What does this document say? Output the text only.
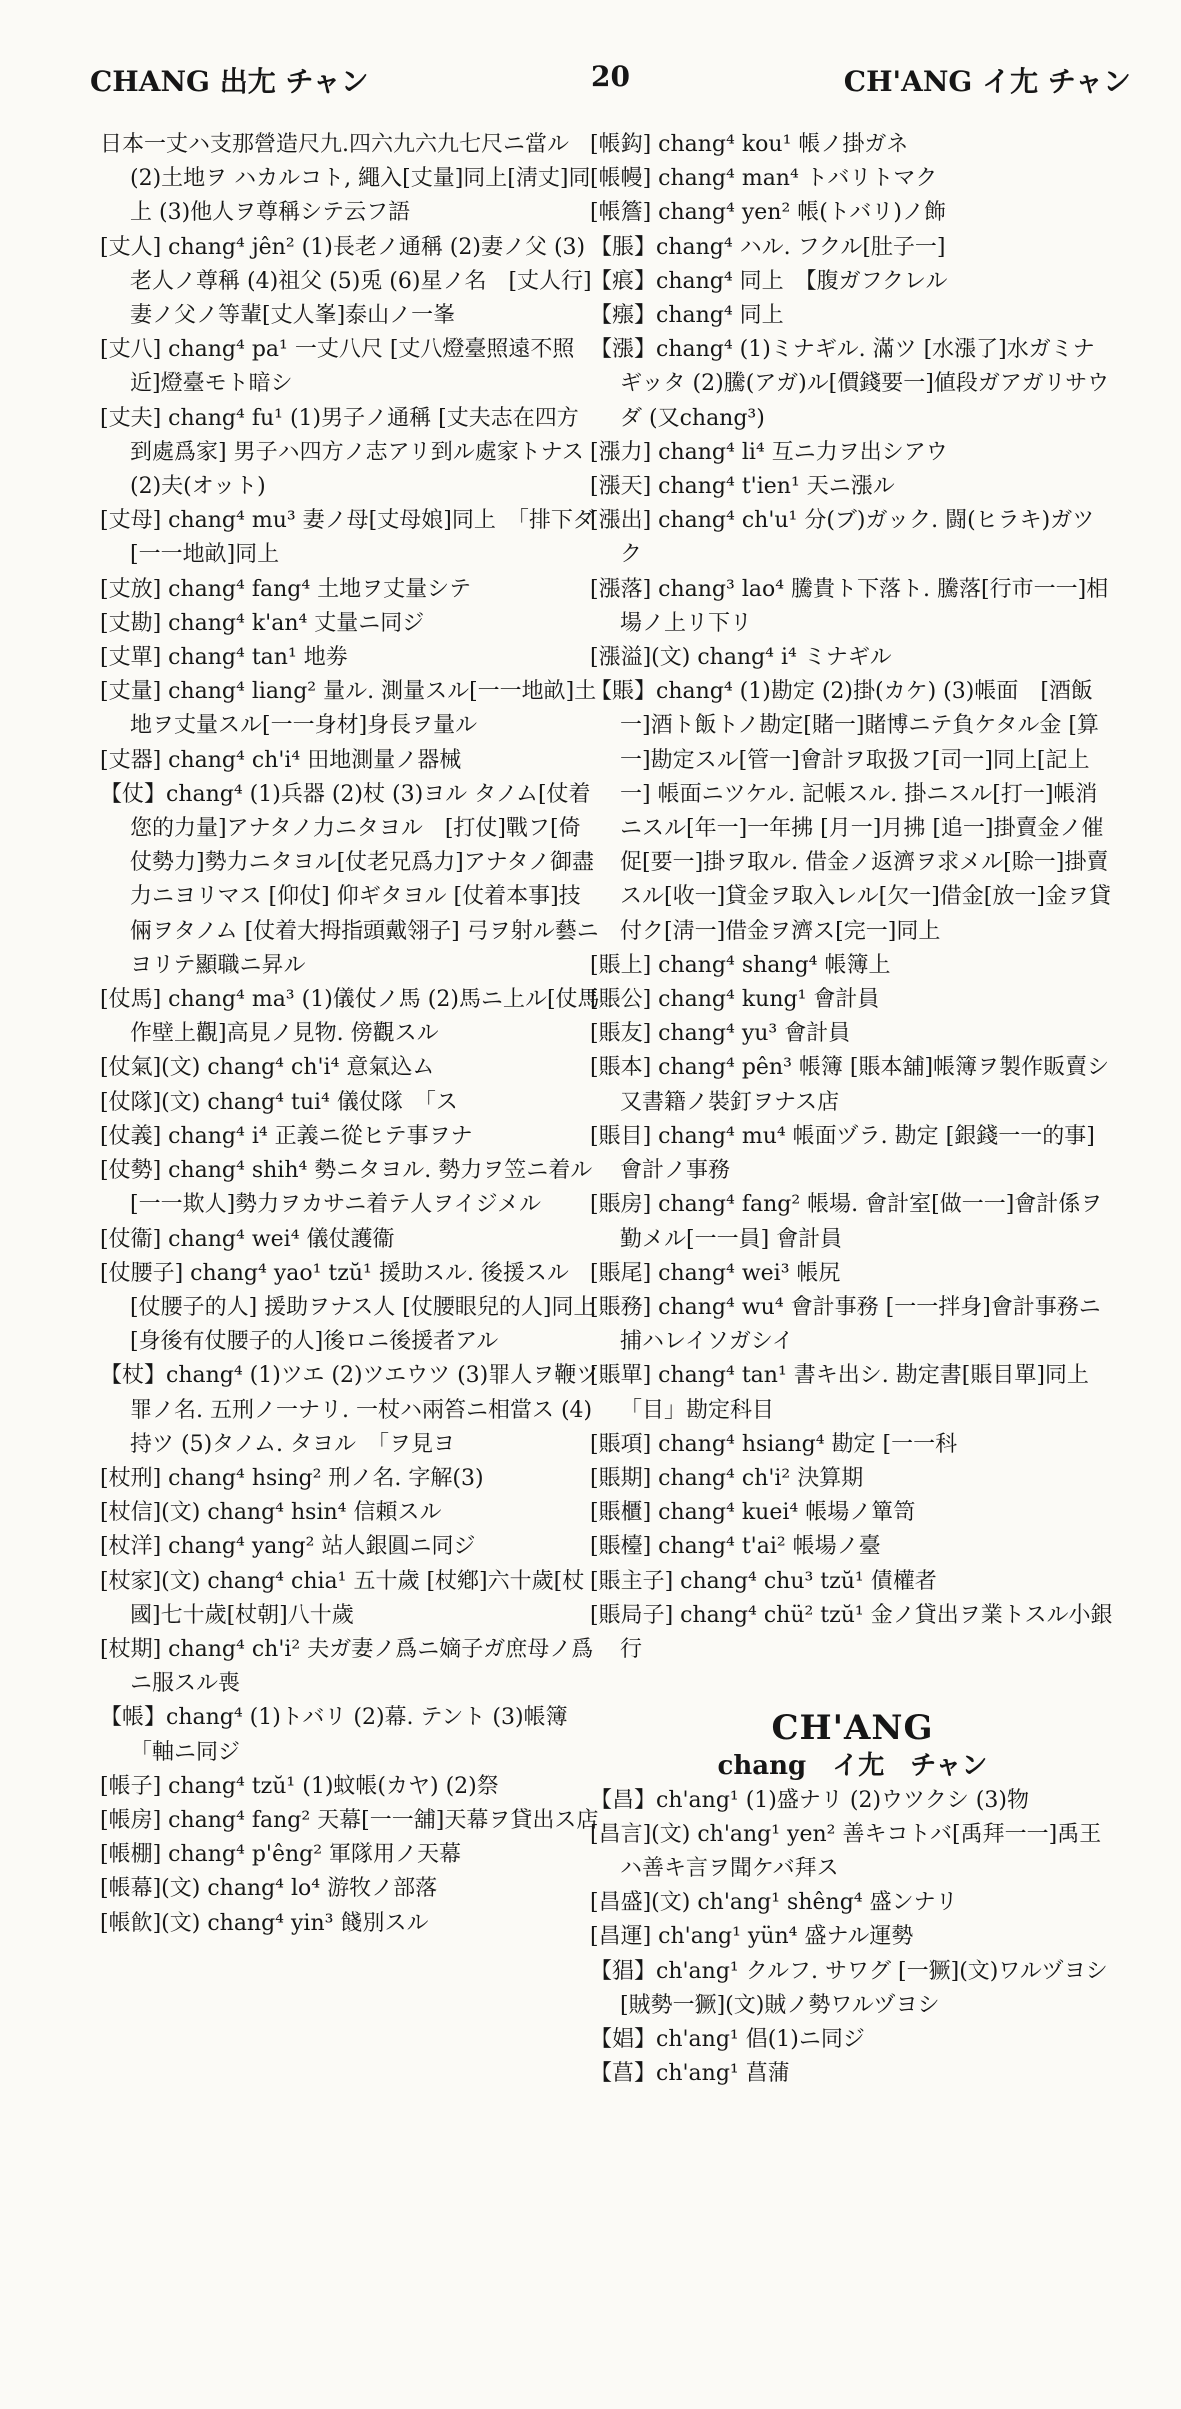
CHANG 出尢 チャン	20	CH'ANG イ尢 チャン

日本一丈ハ支那營造尺九.四六九六九七尺ニ當ル (2)土地ヲ ハカルコト, 繩入[丈量]同上[淸丈]同上 (3)他人ヲ尊稱シテ云フ語

[丈人] chang⁴ jên² (1)長老ノ通稱 (2)妻ノ父 (3)老人ノ尊稱 (4)祖父 (5)兎 (6)星ノ名　[丈人行] 妻ノ父ノ等輩[丈人峯]泰山ノ一峯

[丈八] chang⁴ pa¹ 一丈八尺 [丈八燈臺照遠不照近]燈臺モト暗シ

[丈夫] chang⁴ fu¹ (1)男子ノ通稱 [丈夫志在四方到處爲家] 男子ハ四方ノ志アリ到ル處家トナス (2)夫(オット)

[丈母] chang⁴ mu³ 妻ノ母[丈母娘]同上　「排下ダ[一一地畝]同上

[丈放] chang⁴ fang⁴ 土地ヲ丈量シテ

[丈勘] chang⁴ k'an⁴ 丈量ニ同ジ

[丈單] chang⁴ tan¹ 地劵

[丈量] chang⁴ liang² 量ル. 測量スル[一一地畝]土地ヲ丈量スル[一一身材]身長ヲ量ル

[丈器] chang⁴ ch'i⁴ 田地測量ノ器械

【仗】chang⁴ (1)兵器 (2)杖 (3)ヨル タノム[仗着您的力量]アナタノ力ニタヨル　[打仗]戰フ[倚仗勢力]勢力ニタヨル[仗老兄爲力]アナタノ御盡力ニヨリマス [仰仗] 仰ギタヨル [仗着本事]技倆ヲタノム [仗着大拇指頭戴翎子] 弓ヲ射ル藝ニヨリテ顯職ニ昇ル

[仗馬] chang⁴ ma³ (1)儀仗ノ馬 (2)馬ニ上ル[仗馬作壁上觀]高見ノ見物. 傍觀スル

[仗氣](文) chang⁴ ch'i⁴ 意氣込ム

[仗隊](文) chang⁴ tui⁴ 儀仗隊　「ス

[仗義] chang⁴ i⁴ 正義ニ從ヒテ事ヲナ

[仗勢] chang⁴ shih⁴ 勢ニタヨル. 勢力ヲ笠ニ着ル[一一欺人]勢力ヲカサニ着テ人ヲイジメル

[仗衞] chang⁴ wei⁴ 儀仗護衞

[仗腰子] chang⁴ yao¹ tzŭ¹ 援助スル. 後援スル [仗腰子的人] 援助ヲナス人 [仗腰眼兒的人]同上 [身後有仗腰子的人]後ロニ後援者アル

【杖】chang⁴ (1)ツエ (2)ツエウツ (3)罪人ヲ鞭ツ罪ノ名. 五刑ノ一ナリ. 一杖ハ兩笞ニ相當ス (4)持ツ (5)タノム. タヨル　「ヲ見ヨ

[杖刑] chang⁴ hsing² 刑ノ名. 字解(3)

[杖信](文) chang⁴ hsin⁴ 信頼スル

[杖洋] chang⁴ yang² 站人銀圓ニ同ジ

[杖家](文) chang⁴ chia¹ 五十歲 [杖鄕]六十歲[杖國]七十歲[杖朝]八十歲

[杖期] chang⁴ ch'i² 夫ガ妻ノ爲ニ嫡子ガ庶母ノ爲ニ服スル喪

【帳】chang⁴ (1)トバリ (2)幕. テント (3)帳簿　「軸ニ同ジ

[帳子] chang⁴ tzŭ¹ (1)蚊帳(カヤ) (2)祭

[帳房] chang⁴ fang² 天幕[一一舖]天幕ヲ貸出ス店

[帳棚] chang⁴ p'êng² 軍隊用ノ天幕

[帳幕](文) chang⁴ lo⁴ 游牧ノ部落

[帳飮](文) chang⁴ yin³ 餞別スル

[帳鈎] chang⁴ kou¹ 帳ノ掛ガネ

[帳幔] chang⁴ man⁴ トバリトマク

[帳簷] chang⁴ yen² 帳(トバリ)ノ飾

【脹】chang⁴ ハル. フクル[肚子一]

【痮】chang⁴ 同上　【腹ガフクレル

【瘬】chang⁴ 同上

【漲】chang⁴ (1)ミナギル. 滿ツ [水漲了]水ガミナギッタ (2)騰(アガ)ル[價錢要一]値段ガアガリサウダ (又chang³)

[漲力] chang⁴ li⁴ 互ニ力ヲ出シアウ

[漲天] chang⁴ t'ien¹ 天ニ漲ル

[漲出] chang⁴ ch'u¹ 分(ブ)ガック. 闘(ヒラキ)ガツク

[漲落] chang³ lao⁴ 騰貴ト下落ト. 騰落[行市一一]相場ノ上リ下リ

[漲溢](文) chang⁴ i⁴ ミナギル

【賬】chang⁴ (1)勘定 (2)掛(カケ) (3)帳面　[酒飯一]酒ト飯トノ勘定[賭一]賭博ニテ負ケタル金 [算一]勘定スル[管一]會計ヲ取扱フ[司一]同上[記上一] 帳面ニツケル. 記帳スル. 掛ニスル[打一]帳消ニスル[年一]一年拂 [月一]月拂 [追一]掛賣金ノ催促[要一]掛ヲ取ル. 借金ノ返濟ヲ求メル[賒一]掛賣スル[收一]貸金ヲ取入レル[欠一]借金[放一]金ヲ貸付ク[淸一]借金ヲ濟ス[完一]同上

[賬上] chang⁴ shang⁴ 帳簿上

[賬公] chang⁴ kung¹ 會計員

[賬友] chang⁴ yu³ 會計員

[賬本] chang⁴ pên³ 帳簿 [賬本舖]帳簿ヲ製作販賣シ又書籍ノ裝釘ヲナス店

[賬目] chang⁴ mu⁴ 帳面ヅラ. 勘定 [銀錢一一的事]會計ノ事務

[賬房] chang⁴ fang² 帳場. 會計室[做一一]會計係ヲ勤メル[一一員] 會計員

[賬尾] chang⁴ wei³ 帳尻

[賬務] chang⁴ wu⁴ 會計事務 [一一拌身]會計事務ニ捕ハレイソガシイ

[賬單] chang⁴ tan¹ 書キ出シ. 勘定書[賬目單]同上　「目」勘定科目

[賬項] chang⁴ hsiang⁴ 勘定 [一一科

[賬期] chang⁴ ch'i² 決算期

[賬櫃] chang⁴ kuei⁴ 帳場ノ簞笥

[賬檯] chang⁴ t'ai² 帳場ノ臺

[賬主子] chang⁴ chu³ tzŭ¹ 債權者

[賬局子] chang⁴ chü² tzŭ¹ 金ノ貸出ヲ業トスル小銀行

CH'ANG
chang　イ尢　チャン

【昌】ch'ang¹ (1)盛ナリ (2)ウツクシ (3)物

[昌言](文) ch'ang¹ yen² 善キコトバ[禹拜一一]禹王ハ善キ言ヲ聞ケバ拜ス

[昌盛](文) ch'ang¹ shêng⁴ 盛ンナリ

[昌運] ch'ang¹ yün⁴ 盛ナル運勢

【猖】ch'ang¹ クルフ. サワグ [一獗](文)ワルヅヨシ[賊勢一獗](文)賊ノ勢ワルヅヨシ

【娼】ch'ang¹ 倡(1)ニ同ジ

【菖】ch'ang¹ 菖蒲
